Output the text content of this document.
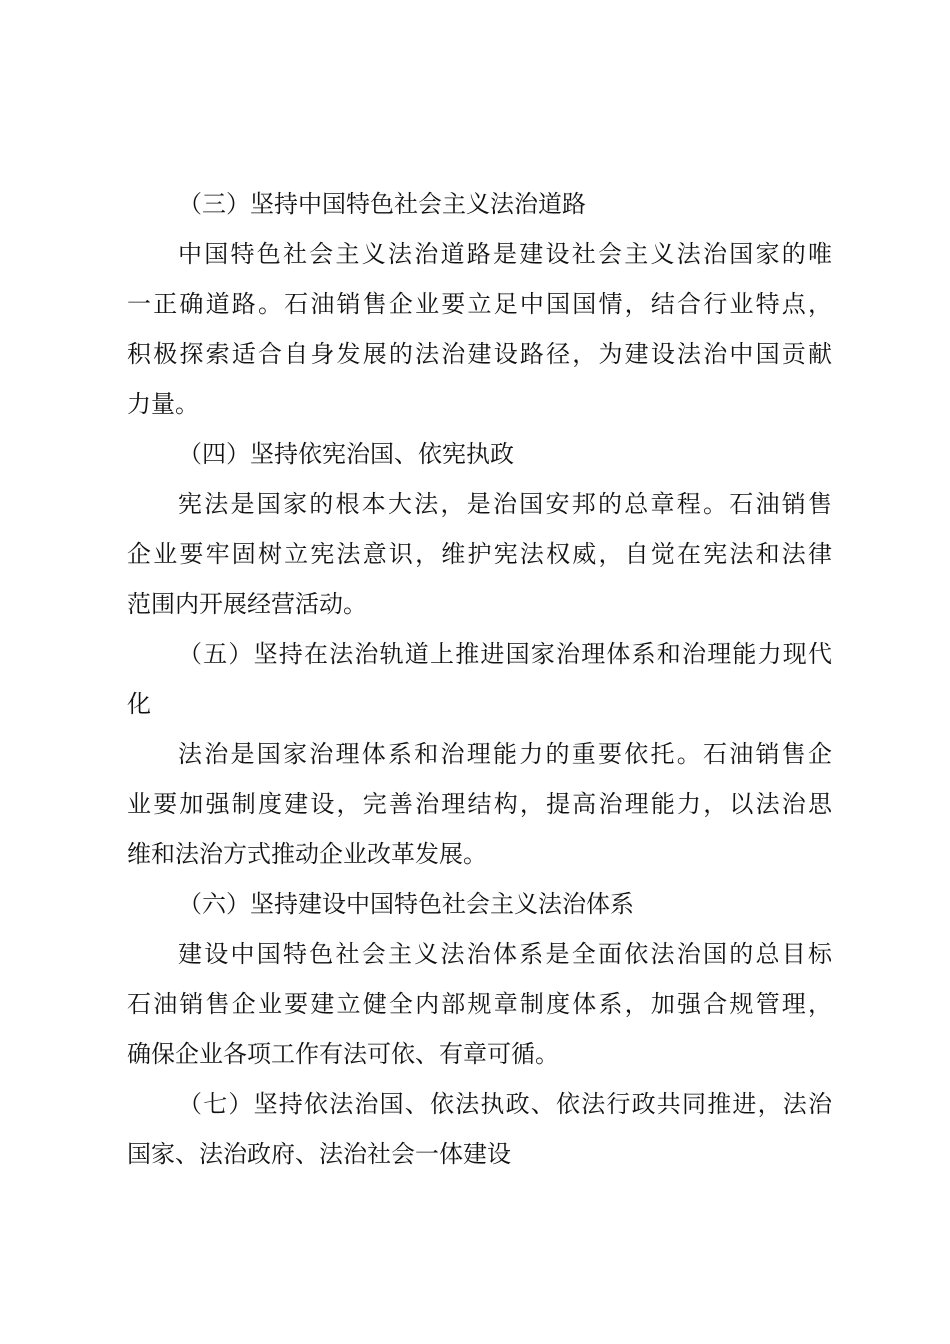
（三）坚持中国特色社会主义法治道路
中国特色社会主义法治道路是建设社会主义法治国家的唯
一正确道路。石油销售企业要立足中国国情，结合行业特点，
积极探索适合自身发展的法治建设路径，为建设法治中国贡献
力量。
（四）坚持依宪治国、依宪执政
宪法是国家的根本大法，是治国安邦的总章程。石油销售
企业要牢固树立宪法意识，维护宪法权威，自觉在宪法和法律
范围内开展经营活动。
（五）坚持在法治轨道上推进国家治理体系和治理能力现代
化
法治是国家治理体系和治理能力的重要依托。石油销售企
业要加强制度建设，完善治理结构，提高治理能力，以法治思
维和法治方式推动企业改革发展。
（六）坚持建设中国特色社会主义法治体系
建设中国特色社会主义法治体系是全面依法治国的总目标
石油销售企业要建立健全内部规章制度体系，加强合规管理，
确保企业各项工作有法可依、有章可循。
（七）坚持依法治国、依法执政、依法行政共同推进，法治
国家、法治政府、法治社会一体建设
